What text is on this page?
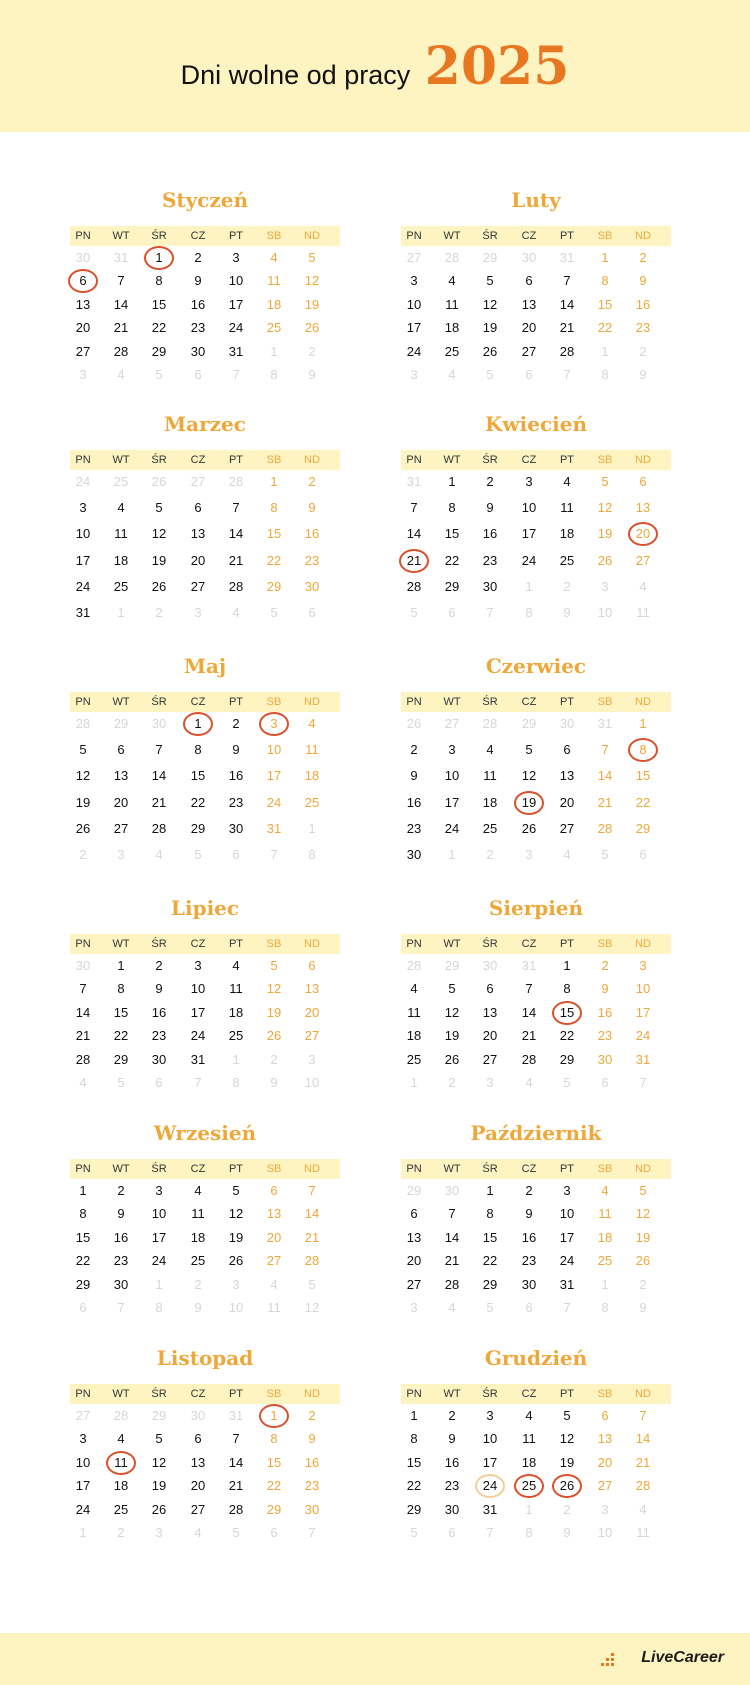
Dni wolne od pracy 2025
Styczeń
PN	WT	ŚR	CZ	PT	SB	ND
30	31	1	2	3	4	5
6	7	8	9	10	11	12
13	14	15	16	17	18	19
20	21	22	23	24	25	26
27	28	29	30	31	1	2
3	4	5	6	7	8	9
Luty
PN	WT	ŚR	CZ	PT	SB	ND
27	28	29	30	31	1	2
3	4	5	6	7	8	9
10	11	12	13	14	15	16
17	18	19	20	21	22	23
24	25	26	27	28	1	2
3	4	5	6	7	8	9
Marzec
PN	WT	ŚR	CZ	PT	SB	ND
24	25	26	27	28	1	2
3	4	5	6	7	8	9
10	11	12	13	14	15	16
17	18	19	20	21	22	23
24	25	26	27	28	29	30
31	1	2	3	4	5	6
Kwiecień
PN	WT	ŚR	CZ	PT	SB	ND
31	1	2	3	4	5	6
7	8	9	10	11	12	13
14	15	16	17	18	19	20
21	22	23	24	25	26	27
28	29	30	1	2	3	4
5	6	7	8	9	10	11
Maj
PN	WT	ŚR	CZ	PT	SB	ND
28	29	30	1	2	3	4
5	6	7	8	9	10	11
12	13	14	15	16	17	18
19	20	21	22	23	24	25
26	27	28	29	30	31	1
2	3	4	5	6	7	8
Czerwiec
PN	WT	ŚR	CZ	PT	SB	ND
26	27	28	29	30	31	1
2	3	4	5	6	7	8
9	10	11	12	13	14	15
16	17	18	19	20	21	22
23	24	25	26	27	28	29
30	1	2	3	4	5	6
Lipiec
PN	WT	ŚR	CZ	PT	SB	ND
30	1	2	3	4	5	6
7	8	9	10	11	12	13
14	15	16	17	18	19	20
21	22	23	24	25	26	27
28	29	30	31	1	2	3
4	5	6	7	8	9	10
Sierpień
PN	WT	ŚR	CZ	PT	SB	ND
28	29	30	31	1	2	3
4	5	6	7	8	9	10
11	12	13	14	15	16	17
18	19	20	21	22	23	24
25	26	27	28	29	30	31
1	2	3	4	5	6	7
Wrzesień
PN	WT	ŚR	CZ	PT	SB	ND
1	2	3	4	5	6	7
8	9	10	11	12	13	14
15	16	17	18	19	20	21
22	23	24	25	26	27	28
29	30	1	2	3	4	5
6	7	8	9	10	11	12
Październik
PN	WT	ŚR	CZ	PT	SB	ND
29	30	1	2	3	4	5
6	7	8	9	10	11	12
13	14	15	16	17	18	19
20	21	22	23	24	25	26
27	28	29	30	31	1	2
3	4	5	6	7	8	9
Listopad
PN	WT	ŚR	CZ	PT	SB	ND
27	28	29	30	31	1	2
3	4	5	6	7	8	9
10	11	12	13	14	15	16
17	18	19	20	21	22	23
24	25	26	27	28	29	30
1	2	3	4	5	6	7
Grudzień
PN	WT	ŚR	CZ	PT	SB	ND
1	2	3	4	5	6	7
8	9	10	11	12	13	14
15	16	17	18	19	20	21
22	23	24	25	26	27	28
29	30	31	1	2	3	4
5	6	7	8	9	10	11
LiveCareer
